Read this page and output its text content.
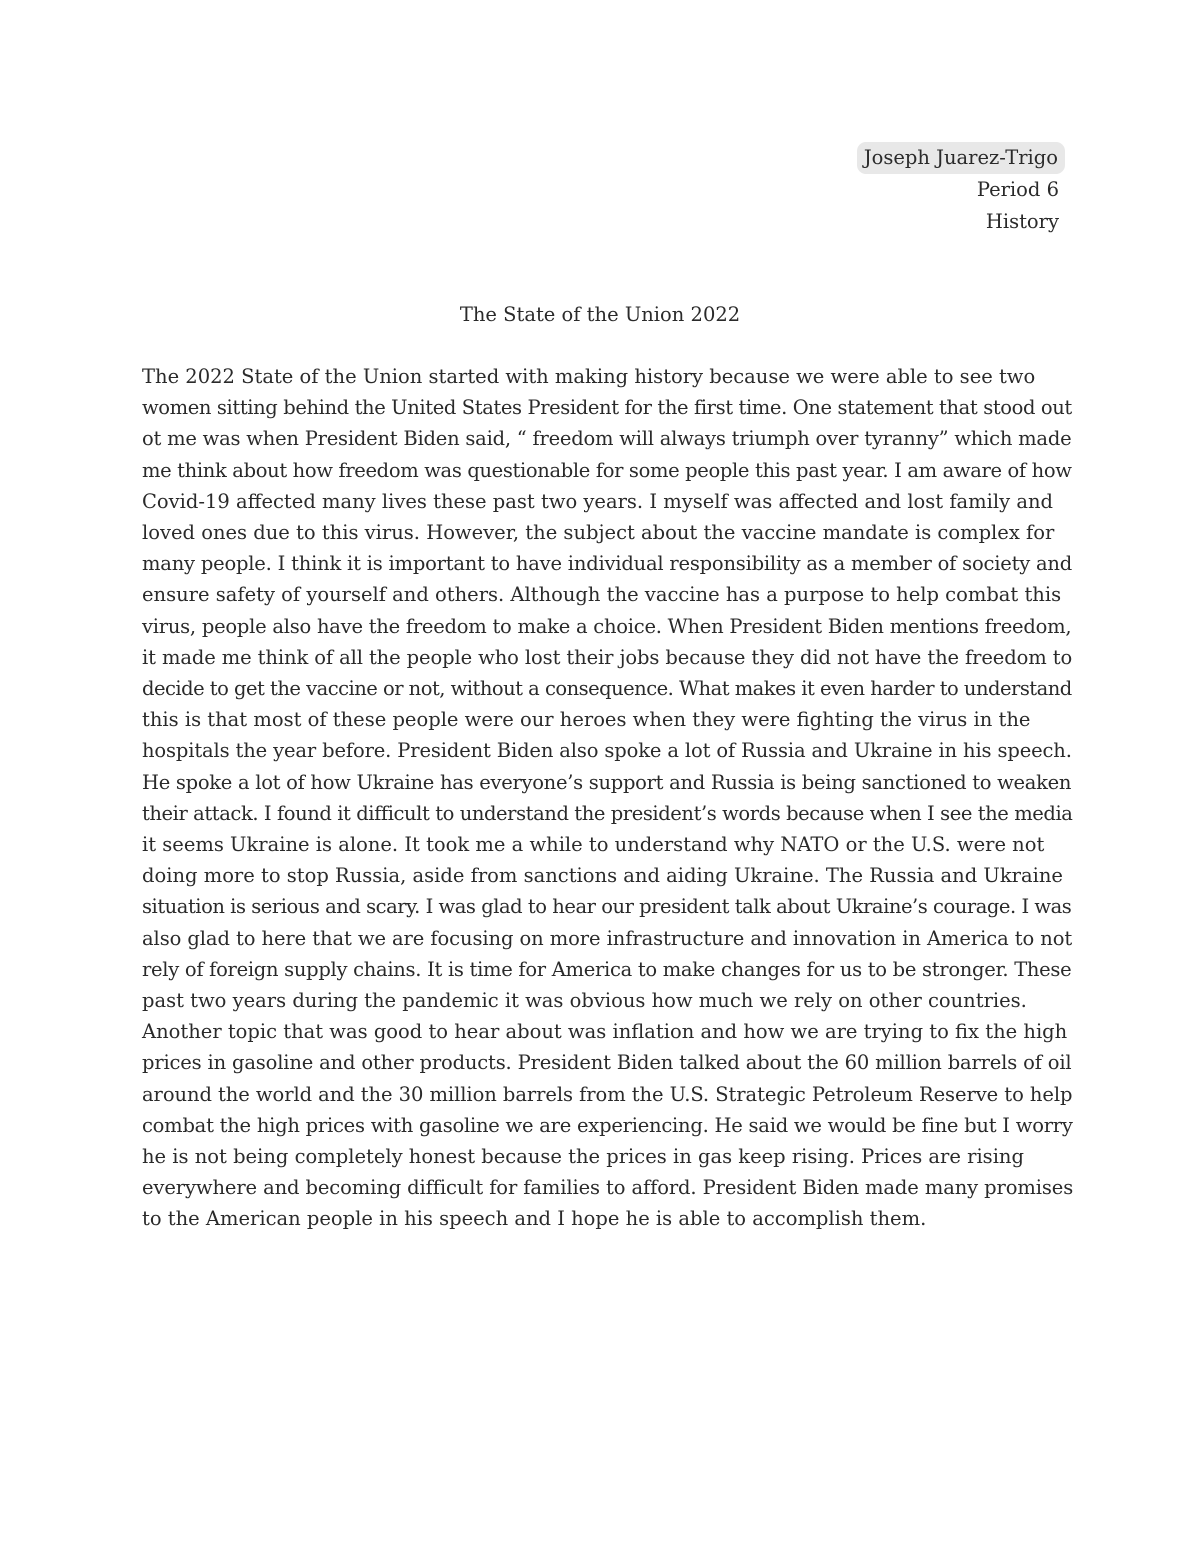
Joseph Juarez-Trigo
Period 6
History
The State of the Union 2022
The 2022 State of the Union started with making history because we were able to see two
women sitting behind the United States President for the first time. One statement that stood out
ot me was when President Biden said, “ freedom will always triumph over tyranny” which made
me think about how freedom was questionable for some people this past year. I am aware of how
Covid-19 affected many lives these past two years. I myself was affected and lost family and
loved ones due to this virus. However, the subject about the vaccine mandate is complex for
many people. I think it is important to have individual responsibility as a member of society and
ensure safety of yourself and others. Although the vaccine has a purpose to help combat this
virus, people also have the freedom to make a choice. When President Biden mentions freedom,
it made me think of all the people who lost their jobs because they did not have the freedom to
decide to get the vaccine or not, without a consequence. What makes it even harder to understand
this is that most of these people were our heroes when they were fighting the virus in the
hospitals the year before. President Biden also spoke a lot of Russia and Ukraine in his speech.
He spoke a lot of how Ukraine has everyone’s support and Russia is being sanctioned to weaken
their attack. I found it difficult to understand the president’s words because when I see the media
it seems Ukraine is alone. It took me a while to understand why NATO or the U.S. were not
doing more to stop Russia, aside from sanctions and aiding Ukraine. The Russia and Ukraine
situation is serious and scary. I was glad to hear our president talk about Ukraine’s courage. I was
also glad to here that we are focusing on more infrastructure and innovation in America to not
rely of foreign supply chains. It is time for America to make changes for us to be stronger. These
past two years during the pandemic it was obvious how much we rely on other countries.
Another topic that was good to hear about was inflation and how we are trying to fix the high
prices in gasoline and other products. President Biden talked about the 60 million barrels of oil
around the world and the 30 million barrels from the U.S. Strategic Petroleum Reserve to help
combat the high prices with gasoline we are experiencing. He said we would be fine but I worry
he is not being completely honest because the prices in gas keep rising. Prices are rising
everywhere and becoming difficult for families to afford. President Biden made many promises
to the American people in his speech and I hope he is able to accomplish them.
